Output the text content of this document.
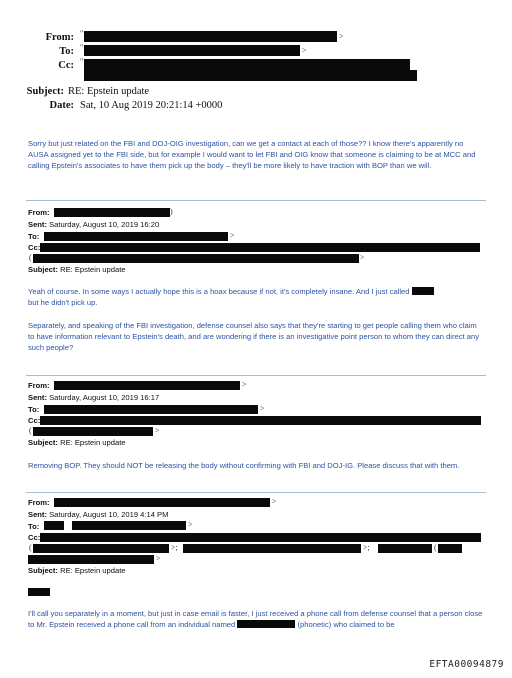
From: "	>
To: "	>
Cc: "
Subject: RE: Epstein update
Date: Sat, 10 Aug 2019 20:21:14 +0000
Sorry but just related on the FBI and DOJ-OIG investigation, can we get a contact at each of those?? I know there's apparently no AUSA assigned yet to the FBI side, but for example I would want to let FBI and OIG know that someone is claiming to be at MCC and calling Epstein's associates to have them pick up the body – they'll be more likely to have traction with BOP than we will.
From:	)
Sent: Saturday, August 10, 2019 16:20
To:	>
Cc:
(	>
Subject: RE: Epstein update
Yeah of course. In some ways I actually hope this is a hoax because if not, it's completely insane. And I just called
but he didn't pick up.
Separately, and speaking of the FBI investigation, defense counsel also says that they're starting to get people calling them who claim to have information relevant to Epstein's death, and are wondering if there is an investigative point person to whom they can direct any such people?
From:	>
Sent: Saturday, August 10, 2019 16:17
To:	>
Cc:
(	>
Subject: RE: Epstein update
Removing BOP. They should NOT be releasing the body without confirming with FBI and DOJ-IG. Please discuss that with them.
From:	>
Sent: Saturday, August 10, 2019 4:14 PM
To:	>
Cc:
(	>;	>;	(
>
Subject: RE: Epstein update
I'll call you separately in a moment, but just in case email is faster, I just received a phone call from defense counsel that a person close to Mr. Epstein received a phone call from an individual named	(phonetic) who claimed to be
EFTA00094879
